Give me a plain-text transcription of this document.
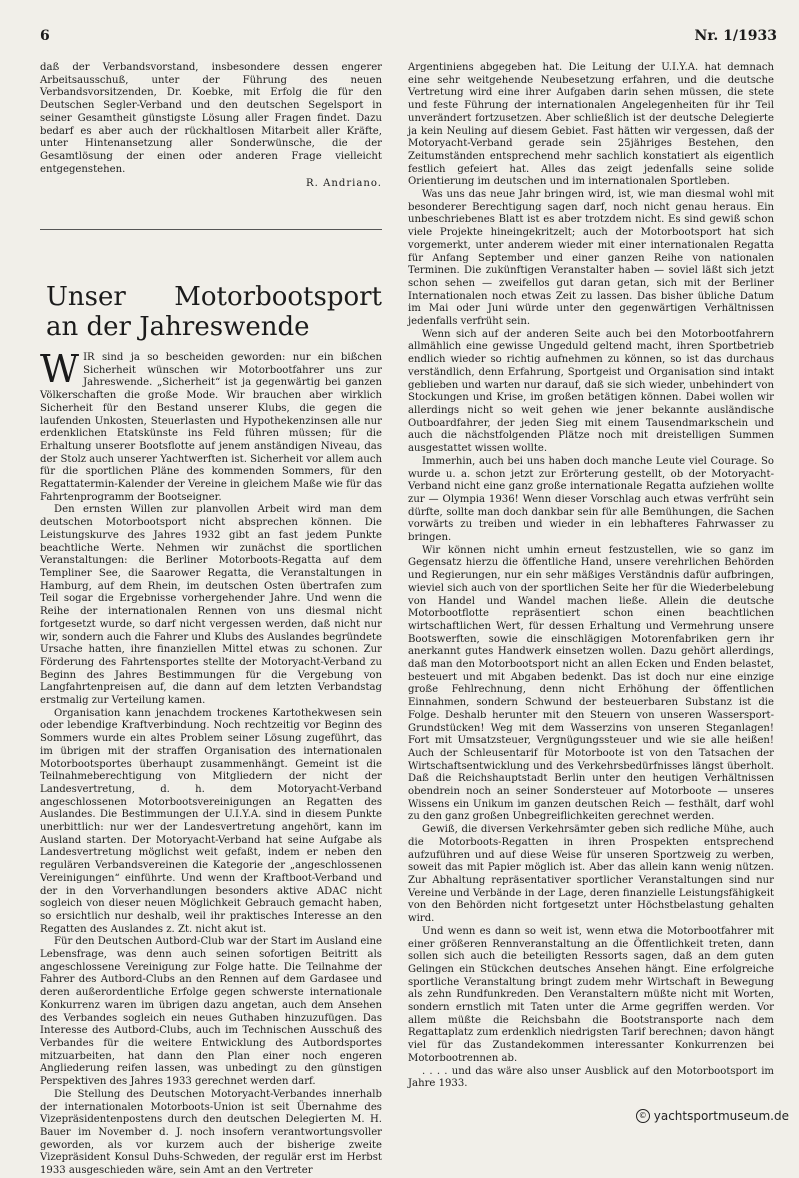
6	Nr. 1/1933

daß der Verbandsvorstand, insbesondere dessen engerer Arbeitsausschuß, unter der Führung des neuen Verbandsvorsitzenden, Dr. Koebke, mit Erfolg die für den Deutschen Segler-Verband und den deutschen Segelsport in seiner Gesamtheit günstigste Lösung aller Fragen findet. Dazu bedarf es aber auch der rückhaltlosen Mitarbeit aller Kräfte, unter Hintenansetzung aller Sonderwünsche, die der Gesamtlösung der einen oder anderen Frage vielleicht entgegenstehen.

R. Andriano.
Unser Motorbootsport an der Jahreswende

WIR sind ja so bescheiden geworden: nur ein bißchen Sicherheit wünschen wir Motorbootfahrer uns zur Jahreswende. „Sicherheit“ ist ja gegenwärtig bei ganzen Völkerschaften die große Mode. Wir brauchen aber wirklich Sicherheit für den Bestand unserer Klubs, die gegen die laufenden Unkosten, Steuerlasten und Hypothekenzinsen alle nur erdenklichen Etatskünste ins Feld führen müssen; für die Erhaltung unserer Bootsflotte auf jenem anständigen Niveau, das der Stolz auch unserer Yachtwerften ist. Sicherheit vor allem auch für die sportlichen Pläne des kommenden Sommers, für den Regattatermin-Kalender der Vereine in gleichem Maße wie für das Fahrtenprogramm der Bootseigner.

Den ernsten Willen zur planvollen Arbeit wird man dem deutschen Motorbootsport nicht absprechen können. Die Leistungskurve des Jahres 1932 gibt an fast jedem Punkte beachtliche Werte. Nehmen wir zunächst die sportlichen Veranstaltungen: die Berliner Motorboots-Regatta auf dem Templiner See, die Saarower Regatta, die Veranstaltungen in Hamburg, auf dem Rhein, im deutschen Osten übertrafen zum Teil sogar die Ergebnisse vorhergehender Jahre. Und wenn die Reihe der internationalen Rennen von uns diesmal nicht fortgesetzt wurde, so darf nicht vergessen werden, daß nicht nur wir, sondern auch die Fahrer und Klubs des Auslandes begründete Ursache hatten, ihre finanziellen Mittel etwas zu schonen. Zur Förderung des Fahrtensportes stellte der Motoryacht-Verband zu Beginn des Jahres Bestimmungen für die Vergebung von Langfahrtenpreisen auf, die dann auf dem letzten Verbandstag erstmalig zur Verteilung kamen.

Organisation kann jenachdem trockenes Kartothekwesen sein oder lebendige Kraftverbindung. Noch rechtzeitig vor Beginn des Sommers wurde ein altes Problem seiner Lösung zugeführt, das im übrigen mit der straffen Organisation des internationalen Motorbootsportes überhaupt zusammenhängt. Gemeint ist die Teilnahmeberechtigung von Mitgliedern der nicht der Landesvertretung, d. h. dem Motoryacht-Verband angeschlossenen Motorbootsvereinigungen an Regatten des Auslandes. Die Bestimmungen der U.I.Y.A. sind in diesem Punkte unerbittlich: nur wer der Landesvertretung angehört, kann im Ausland starten. Der Motoryacht-Verband hat seine Aufgabe als Landesvertretung möglichst weit gefaßt, indem er neben den regulären Verbandsvereinen die Kategorie der „angeschlossenen Vereinigungen“ einführte. Und wenn der Kraftboot-Verband und der in den Vorverhandlungen besonders aktive ADAC nicht sogleich von dieser neuen Möglichkeit Gebrauch gemacht haben, so ersichtlich nur deshalb, weil ihr praktisches Interesse an den Regatten des Auslandes z. Zt. nicht akut ist.

Für den Deutschen Autbord-Club war der Start im Ausland eine Lebensfrage, was denn auch seinen sofortigen Beitritt als angeschlossene Vereinigung zur Folge hatte. Die Teilnahme der Fahrer des Autbord-Clubs an den Rennen auf dem Gardasee und deren außerordentliche Erfolge gegen schwerste internationale Konkurrenz waren im übrigen dazu angetan, auch dem Ansehen des Verbandes sogleich ein neues Guthaben hinzuzufügen. Das Interesse des Autbord-Clubs, auch im Technischen Ausschuß des Verbandes für die weitere Entwicklung des Autbordsportes mitzuarbeiten, hat dann den Plan einer noch engeren Angliederung reifen lassen, was unbedingt zu den günstigen Perspektiven des Jahres 1933 gerechnet werden darf.

Die Stellung des Deutschen Motoryacht-Verbandes innerhalb der internationalen Motorboots-Union ist seit Übernahme des Vizepräsidentenpostens durch den deutschen Delegierten M. H. Bauer im November d. J. noch insofern verantwortungsvoller geworden, als vor kurzem auch der bisherige zweite Vizepräsident Konsul Duhs-Schweden, der regulär erst im Herbst 1933 ausgeschieden wäre, sein Amt an den Vertreter

Argentiniens abgegeben hat. Die Leitung der U.I.Y.A. hat demnach eine sehr weitgehende Neubesetzung erfahren, und die deutsche Vertretung wird eine ihrer Aufgaben darin sehen müssen, die stete und feste Führung der internationalen Angelegenheiten für ihr Teil unverändert fortzusetzen. Aber schließlich ist der deutsche Delegierte ja kein Neuling auf diesem Gebiet. Fast hätten wir vergessen, daß der Motoryacht-Verband gerade sein 25jähriges Bestehen, den Zeitumständen entsprechend mehr sachlich konstatiert als eigentlich festlich gefeiert hat. Alles das zeigt jedenfalls seine solide Orientierung im deutschen und im internationalen Sportleben.

Was uns das neue Jahr bringen wird, ist, wie man diesmal wohl mit besonderer Berechtigung sagen darf, noch nicht genau heraus. Ein unbeschriebenes Blatt ist es aber trotzdem nicht. Es sind gewiß schon viele Projekte hineingekritzelt; auch der Motorbootsport hat sich vorgemerkt, unter anderem wieder mit einer internationalen Regatta für Anfang September und einer ganzen Reihe von nationalen Terminen. Die zukünftigen Veranstalter haben — soviel läßt sich jetzt schon sehen — zweifellos gut daran getan, sich mit der Berliner Internationalen noch etwas Zeit zu lassen. Das bisher übliche Datum im Mai oder Juni würde unter den gegenwärtigen Verhältnissen jedenfalls verfrüht sein.

Wenn sich auf der anderen Seite auch bei den Motorbootfahrern allmählich eine gewisse Ungeduld geltend macht, ihren Sportbetrieb endlich wieder so richtig aufnehmen zu können, so ist das durchaus verständlich, denn Erfahrung, Sportgeist und Organisation sind intakt geblieben und warten nur darauf, daß sie sich wieder, unbehindert von Stockungen und Krise, im großen betätigen können. Dabei wollen wir allerdings nicht so weit gehen wie jener bekannte ausländische Outboardfahrer, der jeden Sieg mit einem Tausendmarkschein und auch die nächstfolgenden Plätze noch mit dreistelligen Summen ausgestattet wissen wollte.

Immerhin, auch bei uns haben doch manche Leute viel Courage. So wurde u. a. schon jetzt zur Erörterung gestellt, ob der Motoryacht-Verband nicht eine ganz große internationale Regatta aufziehen wollte zur — Olympia 1936! Wenn dieser Vorschlag auch etwas verfrüht sein dürfte, sollte man doch dankbar sein für alle Bemühungen, die Sachen vorwärts zu treiben und wieder in ein lebhafteres Fahrwasser zu bringen.

Wir können nicht umhin erneut festzustellen, wie so ganz im Gegensatz hierzu die öffentliche Hand, unsere verehrlichen Behörden und Regierungen, nur ein sehr mäßiges Verständnis dafür aufbringen, wieviel sich auch von der sportlichen Seite her für die Wiederbelebung von Handel und Wandel machen ließe. Allein die deutsche Motorbootflotte repräsentiert schon einen beachtlichen wirtschaftlichen Wert, für dessen Erhaltung und Vermehrung unsere Bootswerften, sowie die einschlägigen Motorenfabriken gern ihr anerkannt gutes Handwerk einsetzen wollen. Dazu gehört allerdings, daß man den Motorbootsport nicht an allen Ecken und Enden belastet, besteuert und mit Abgaben bedenkt. Das ist doch nur eine einzige große Fehlrechnung, denn nicht Erhöhung der öffentlichen Einnahmen, sondern Schwund der besteuerbaren Substanz ist die Folge. Deshalb herunter mit den Steuern von unseren Wassersport-Grundstücken! Weg mit dem Wasserzins von unseren Steganlagen! Fort mit Umsatzsteuer, Vergnügungssteuer und wie sie alle heißen! Auch der Schleusentarif für Motorboote ist von den Tatsachen der Wirtschaftsentwicklung und des Verkehrsbedürfnisses längst überholt. Daß die Reichshauptstadt Berlin unter den heutigen Verhältnissen obendrein noch an seiner Sondersteuer auf Motorboote — unseres Wissens ein Unikum im ganzen deutschen Reich — festhält, darf wohl zu den ganz großen Unbegreiflichkeiten gerechnet werden.

Gewiß, die diversen Verkehrsämter geben sich redliche Mühe, auch die Motorboots-Regatten in ihren Prospekten entsprechend aufzuführen und auf diese Weise für unseren Sportzweig zu werben, soweit das mit Papier möglich ist. Aber das allein kann wenig nützen. Zur Abhaltung repräsentativer sportlicher Veranstaltungen sind nur Vereine und Verbände in der Lage, deren finanzielle Leistungsfähigkeit von den Behörden nicht fortgesetzt unter Höchstbelastung gehalten wird.

Und wenn es dann so weit ist, wenn etwa die Motorbootfahrer mit einer größeren Rennveranstaltung an die Öffentlichkeit treten, dann sollen sich auch die beteiligten Ressorts sagen, daß an dem guten Gelingen ein Stückchen deutsches Ansehen hängt. Eine erfolgreiche sportliche Veranstaltung bringt zudem mehr Wirtschaft in Bewegung als zehn Rundfunkreden. Den Veranstaltern müßte nicht mit Worten, sondern ernstlich mit Taten unter die Arme gegriffen werden. Vor allem müßte die Reichsbahn die Bootstransporte nach dem Regattaplatz zum erdenklich niedrigsten Tarif berechnen; davon hängt viel für das Zustandekommen interessanter Konkurrenzen bei Motorbootrennen ab.

. . . . und das wäre also unser Ausblick auf den Motorbootsport im Jahre 1933.

© yachtsportmuseum.de
